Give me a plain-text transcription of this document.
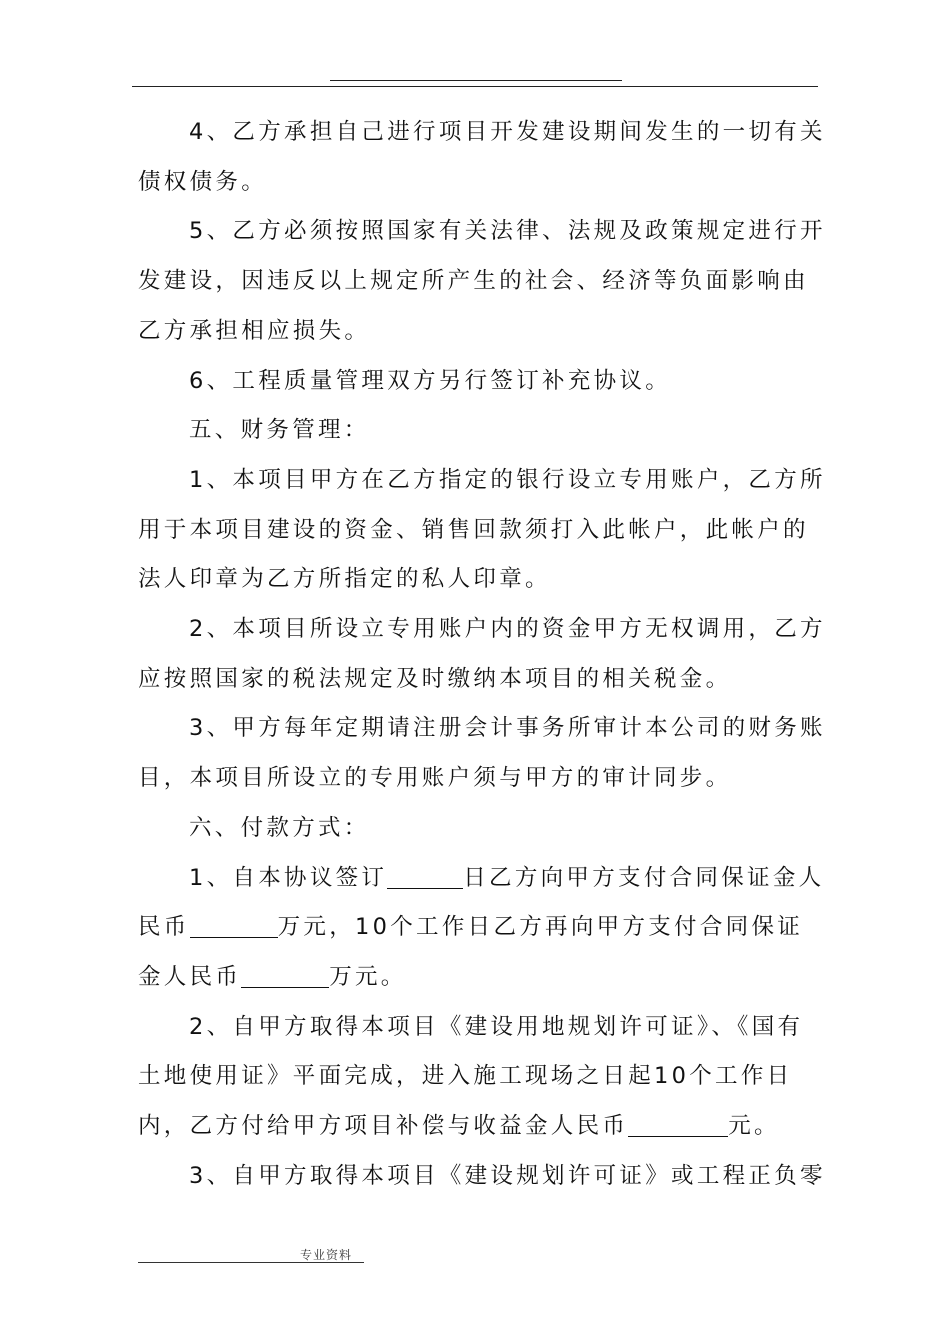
4、乙方承担自己进行项目开发建设期间发生的一切有关债权债务。

5、乙方必须按照国家有关法律、法规及政策规定进行开发建设，因违反以上规定所产生的社会、经济等负面影响由乙方承担相应损失。

6、工程质量管理双方另行签订补充协议。

五、财务管理：

1、本项目甲方在乙方指定的银行设立专用账户，乙方所用于本项目建设的资金、销售回款须打入此帐户，此帐户的法人印章为乙方所指定的私人印章。

2、本项目所设立专用账户内的资金甲方无权调用，乙方应按照国家的税法规定及时缴纳本项目的相关税金。

3、甲方每年定期请注册会计事务所审计本公司的财务账目，本项目所设立的专用账户须与甲方的审计同步。

六、付款方式：

1、自本协议签订	日乙方向甲方支付合同保证金人民币	万元，10个工作日乙方再向甲方支付合同保证金人民币	万元。

2、自甲方取得本项目《建设用地规划许可证》、《国有土地使用证》平面完成，进入施工现场之日起10个工作日内，乙方付给甲方项目补偿与收益金人民币	元。

3、自甲方取得本项目《建设规划许可证》或工程正负零

专业资料
